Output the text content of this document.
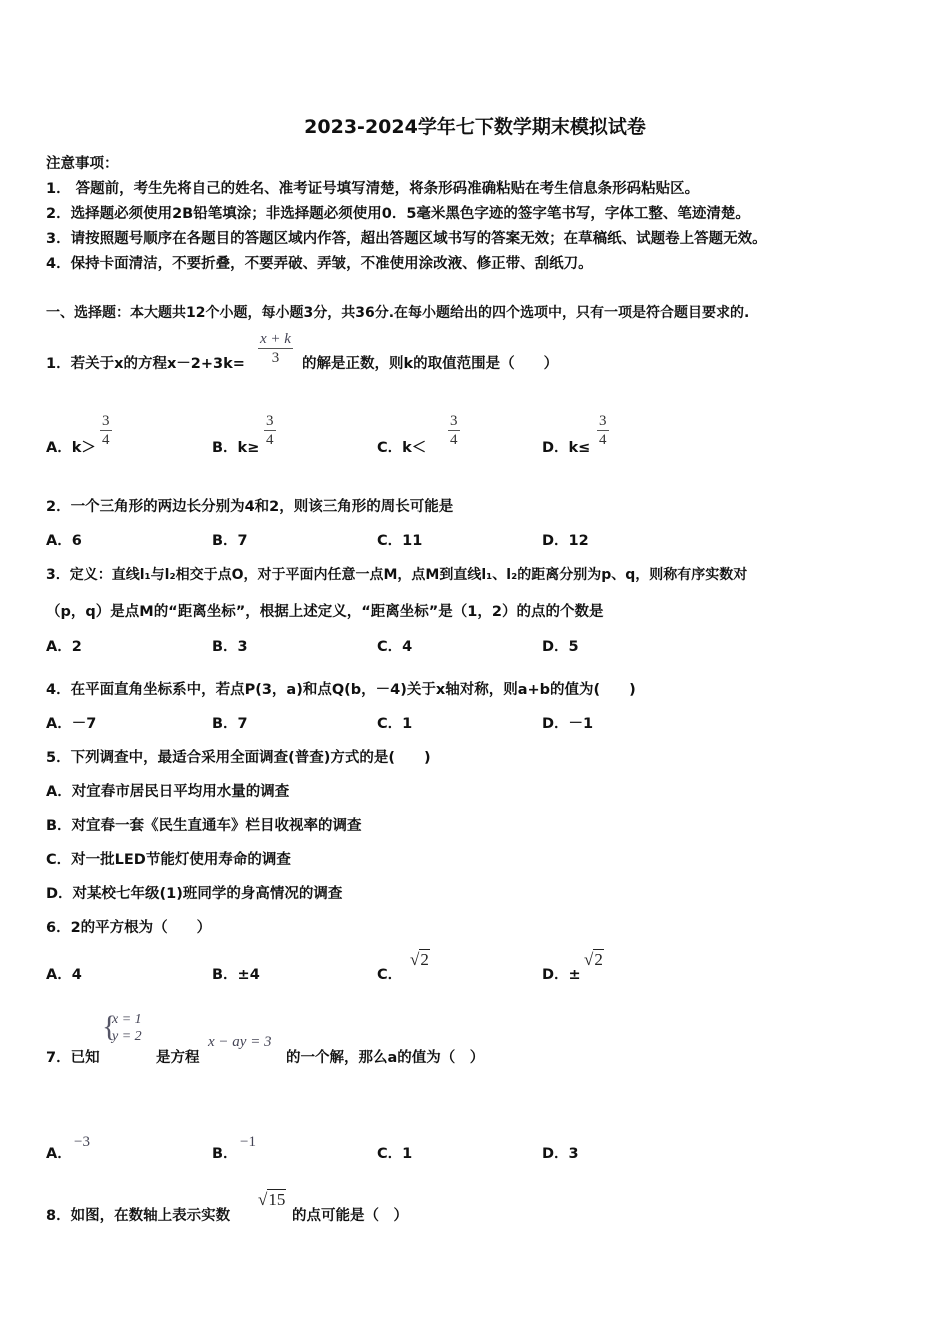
2023-2024学年七下数学期末模拟试卷
注意事项：
1． 答题前，考生先将自己的姓名、准考证号填写清楚，将条形码准确粘贴在考生信息条形码粘贴区。
2．选择题必须使用2B铅笔填涂；非选择题必须使用0．5毫米黑色字迹的签字笔书写，字体工整、笔迹清楚。
3．请按照题号顺序在各题目的答题区域内作答，超出答题区域书写的答案无效；在草稿纸、试题卷上答题无效。
4．保持卡面清洁，不要折叠，不要弄破、弄皱，不准使用涂改液、修正带、刮纸刀。
一、选择题：本大题共12个小题，每小题3分，共36分.在每小题给出的四个选项中，只有一项是符合题目要求的.
1．若关于x的方程$x-2+3k= \frac{x + k}{3}$ 的解是正数，则k的取值范围是（　　）
A．$k> \frac{3}{4}$	B．$k\ge \frac{3}{4}$	C．$k< \frac{3}{4}$	D．$k\le \frac{3}{4}$
2．一个三角形的两边长分别为4和2，则该三角形的周长可能是
A．6	B．7	C．11	D．12
3．定义：直线l₁与l₂相交于点O，对于平面内任意一点M，点M到直线l₁、l₂的距离分别为p、q，则称有序实数对
（p，q）是点M的“距离坐标”，根据上述定义，“距离坐标”是（1，2）的点的个数是
A．2	B．3	C．4	D．5
4．在平面直角坐标系中，若点P(3，a)和点Q(b，－4)关于x轴对称，则a+b的值为(　　)
A．－7	B．7	C．1	D．－1
5．下列调查中，最适合采用全面调查(普查)方式的是(　　)
A．对宜春市居民日平均用水量的调查
B．对宜春一套《民生直通车》栏目收视率的调查
C．对一批LED节能灯使用寿命的调查
D．对某校七年级(1)班同学的身高情况的调查
6．2的平方根为（　　）
A．4	B．±4	C．
√2
D．±
√2
7．已知
{
x = 1
y = 2
是方程
x − ay = 3
的一个解，那么a的值为（　）
A．
−3
B．
−1
C．1	D．3
8．如图，在数轴上表示实数
√15
的点可能是（　）
